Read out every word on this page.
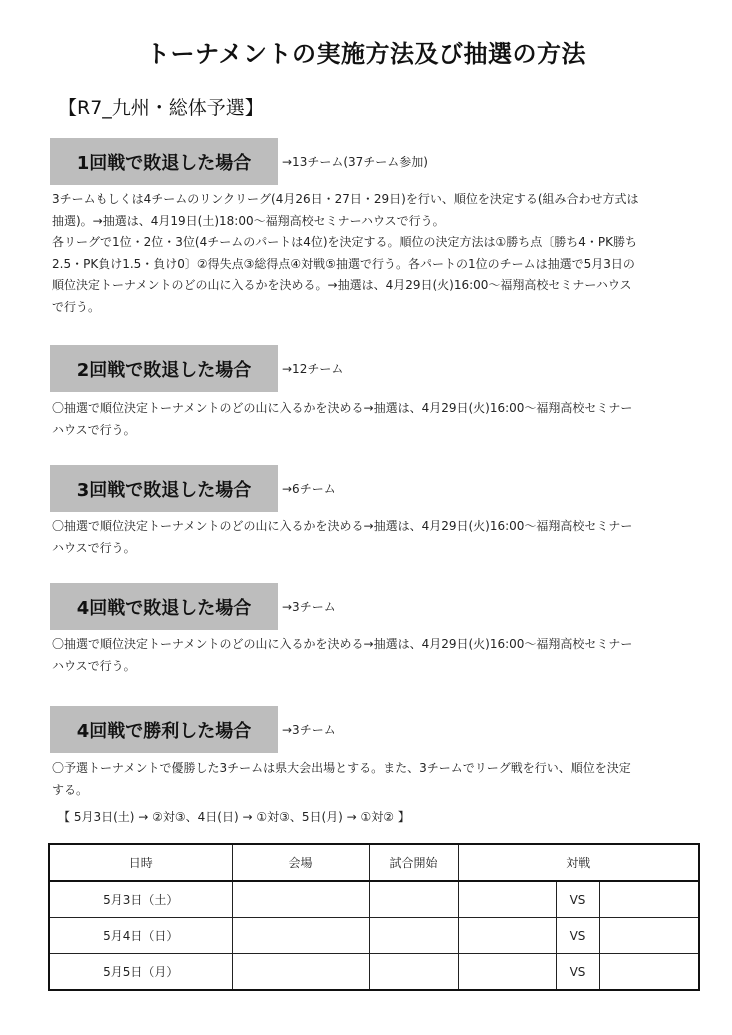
トーナメントの実施方法及び抽選の方法
【R7_九州・総体予選】
1回戦で敗退した場合	→13チーム(37チーム参加)
3チームもしくは4チームのリンクリーグ(4月26日・27日・29日)を行い、順位を決定する(組み合わせ方式は
抽選)。→抽選は、4月19日(土)18:00～福翔高校セミナーハウスで行う。
各リーグで1位・2位・3位(4チームのパートは4位)を決定する。順位の決定方法は①勝ち点〔勝ち4・PK勝ち
2.5・PK負け1.5・負け0〕②得失点③総得点④対戦⑤抽選で行う。各パートの1位のチームは抽選で5月3日の
順位決定トーナメントのどの山に入るかを決める。→抽選は、4月29日(火)16:00～福翔高校セミナーハウス
で行う。
2回戦で敗退した場合	→12チーム
〇抽選で順位決定トーナメントのどの山に入るかを決める→抽選は、4月29日(火)16:00～福翔高校セミナー
ハウスで行う。
3回戦で敗退した場合	→6チーム
〇抽選で順位決定トーナメントのどの山に入るかを決める→抽選は、4月29日(火)16:00～福翔高校セミナー
ハウスで行う。
4回戦で敗退した場合	→3チーム
〇抽選で順位決定トーナメントのどの山に入るかを決める→抽選は、4月29日(火)16:00～福翔高校セミナー
ハウスで行う。
4回戦で勝利した場合	→3チーム
〇予選トーナメントで優勝した3チームは県大会出場とする。また、3チームでリーグ戦を行い、順位を決定
する。
【 5月3日(土) → ②対③、4日(日) → ①対③、5日(月) → ①対② 】
日時	会場	試合開始	対戦		
5月3日（土）				VS	
5月4日（日）				VS	
5月5日（月）				VS	
